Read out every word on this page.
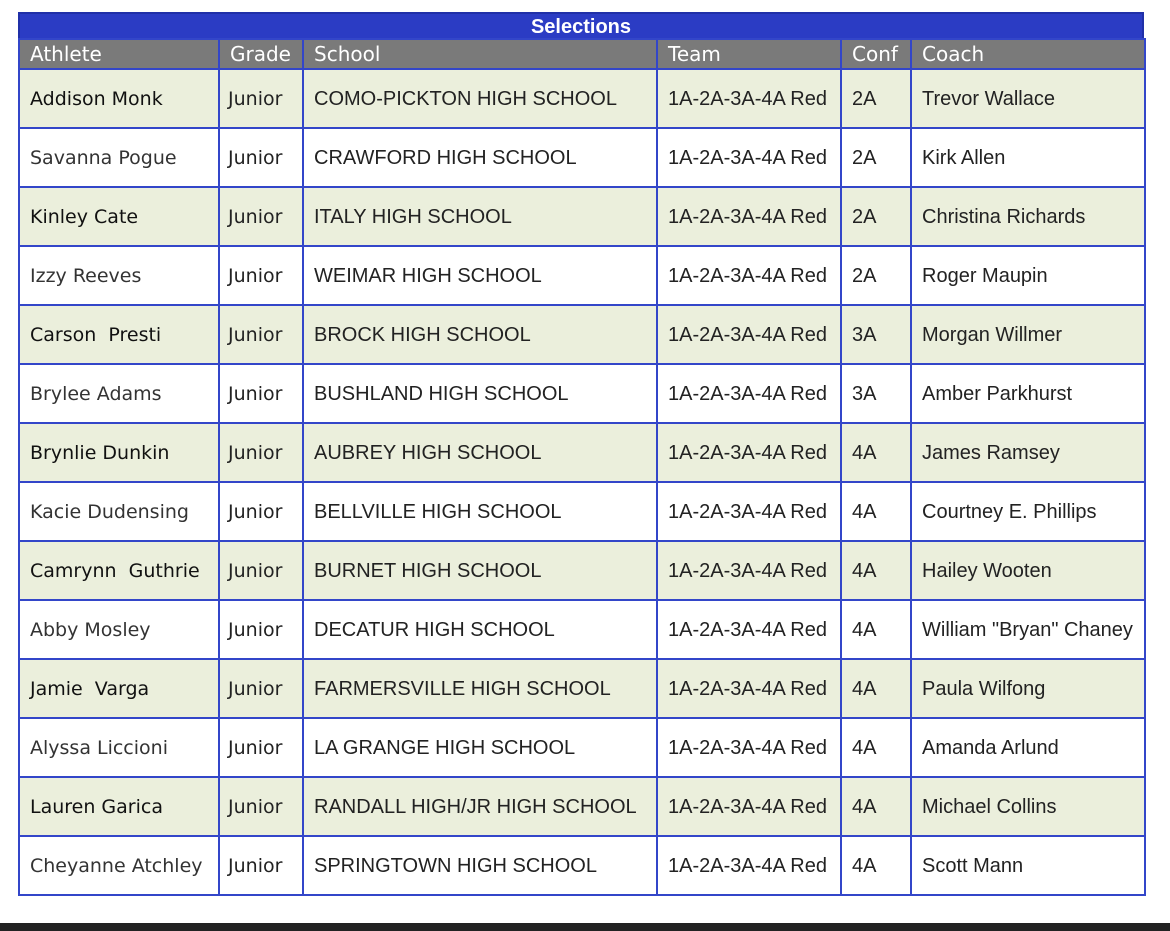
Selections
Athlete	Grade	School	Team	Conf	Coach
Addison Monk	Junior	COMO-PICKTON HIGH SCHOOL	1A-2A-3A-4A Red	2A	Trevor Wallace
Savanna Pogue	Junior	CRAWFORD HIGH SCHOOL	1A-2A-3A-4A Red	2A	Kirk Allen
Kinley Cate	Junior	ITALY HIGH SCHOOL	1A-2A-3A-4A Red	2A	Christina Richards
Izzy Reeves	Junior	WEIMAR HIGH SCHOOL	1A-2A-3A-4A Red	2A	Roger Maupin
Carson  Presti	Junior	BROCK HIGH SCHOOL	1A-2A-3A-4A Red	3A	Morgan Willmer
Brylee Adams	Junior	BUSHLAND HIGH SCHOOL	1A-2A-3A-4A Red	3A	Amber Parkhurst
Brynlie Dunkin	Junior	AUBREY HIGH SCHOOL	1A-2A-3A-4A Red	4A	James Ramsey
Kacie Dudensing	Junior	BELLVILLE HIGH SCHOOL	1A-2A-3A-4A Red	4A	Courtney E. Phillips
Camrynn  Guthrie	Junior	BURNET HIGH SCHOOL	1A-2A-3A-4A Red	4A	Hailey Wooten
Abby Mosley	Junior	DECATUR HIGH SCHOOL	1A-2A-3A-4A Red	4A	William "Bryan" Chaney
Jamie  Varga	Junior	FARMERSVILLE HIGH SCHOOL	1A-2A-3A-4A Red	4A	Paula Wilfong
Alyssa Liccioni	Junior	LA GRANGE HIGH SCHOOL	1A-2A-3A-4A Red	4A	Amanda Arlund
Lauren Garica	Junior	RANDALL HIGH/JR HIGH SCHOOL	1A-2A-3A-4A Red	4A	Michael Collins
Cheyanne Atchley	Junior	SPRINGTOWN HIGH SCHOOL	1A-2A-3A-4A Red	4A	Scott Mann
